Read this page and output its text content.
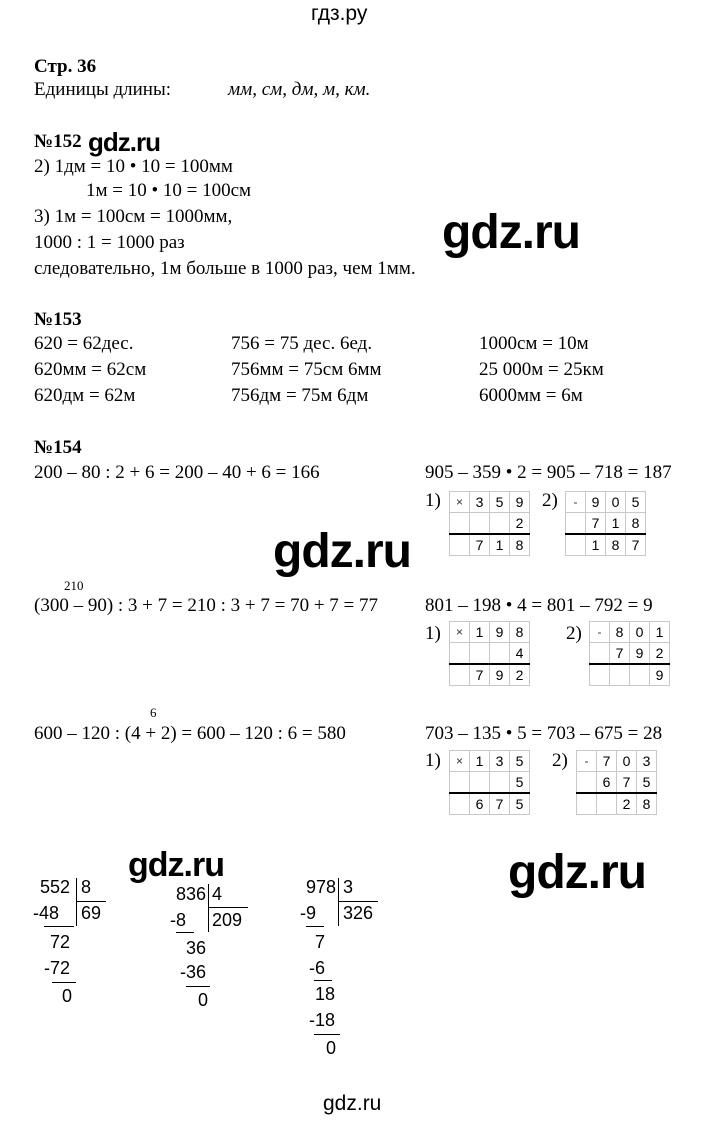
гдз.ру
Стр. 36
Единицы длины:	мм, см, дм, м, км.
№152 gdz.ru
2) 1дм = 10 • 10 = 100мм
1м = 10 • 10 = 100см
3) 1м = 100см = 1000мм,
1000 : 1 = 1000 раз
следовательно, 1м больше в 1000 раз, чем 1мм.
gdz.ru
№153
620 = 62дес.	756 = 75 дес. 6ед.	1000см = 10м
620мм = 62см	756мм = 75см 6мм	25 000м = 25км
620дм = 62м	756дм = 75м 6дм	6000мм = 6м
№154
200 – 80 : 2 + 6 = 200 – 40 + 6 = 166
gdz.ru
210
(300 – 90) : 3 + 7 = 210 : 3 + 7 = 70 + 7 = 77
6
600 – 120 : (4 + 2) = 600 – 120 : 6 = 580
905 – 359 • 2 = 905 – 718 = 187
1)	2)
×	3	5	9
			2
	7	1	8
-	9	0	5
	7	1	8
	1	8	7
801 – 198 • 4 = 801 – 792 = 9
1)	2)
×	1	9	8
			4
	7	9	2
-	8	0	1
	7	9	2
			9
703 – 135 • 5 = 703 – 675 = 28
1)	2)
×	1	3	5
			5
	6	7	5
-	7	0	3
	6	7	5
		2	8
gdz.ru	gdz.ru
552 8
69
-48
72
-72
0
836 4
209
-8
36
-36
0
978 3
326
-9
7
-6
18
-18
0
gdz.ru
